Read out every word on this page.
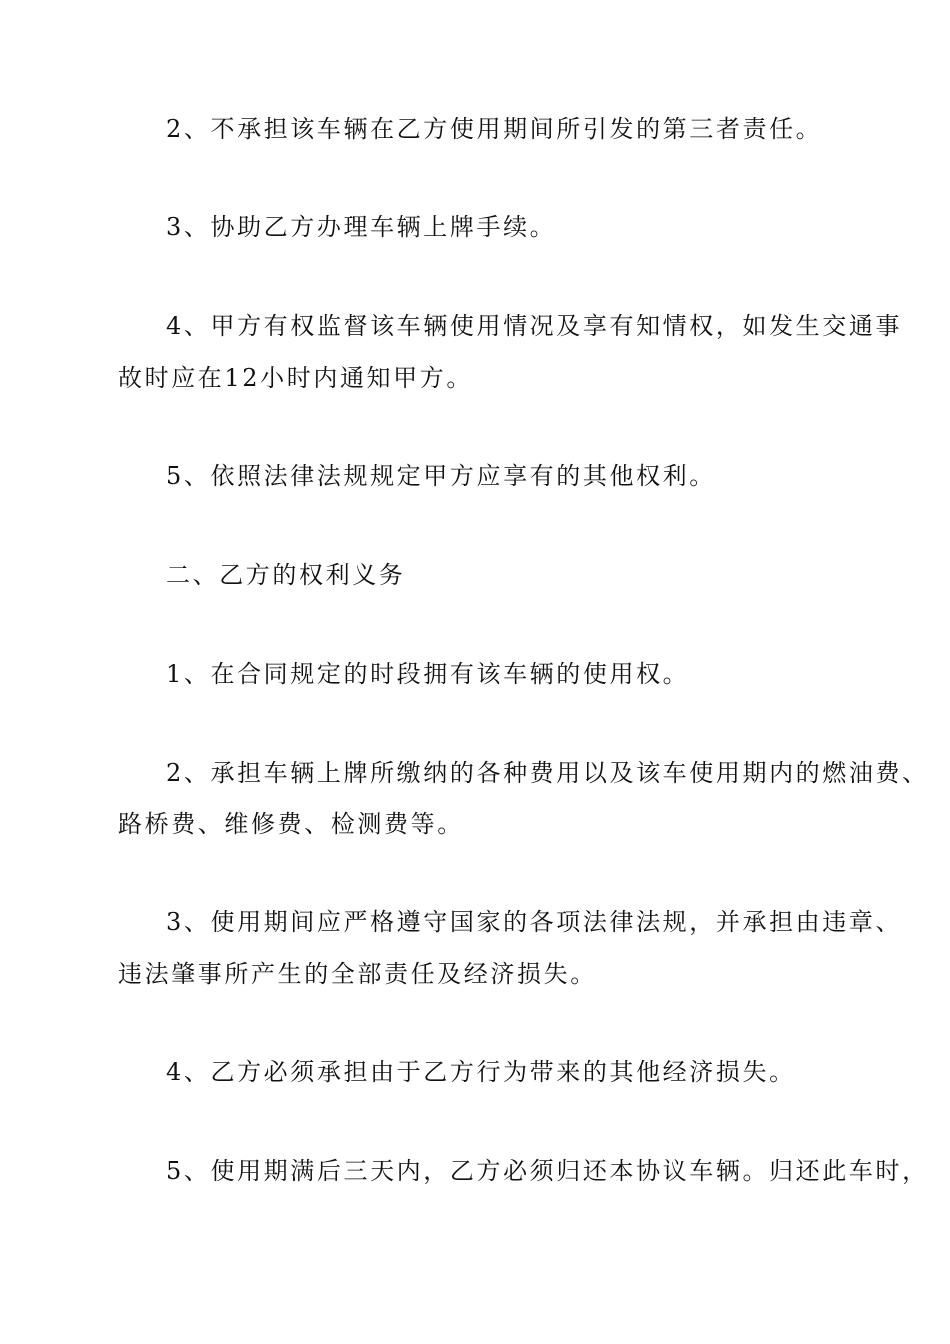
2、不承担该车辆在乙方使用期间所引发的第三者责任。
3、协助乙方办理车辆上牌手续。
4、甲方有权监督该车辆使用情况及享有知情权，如发生交通事
故时应在12小时内通知甲方。
5、依照法律法规规定甲方应享有的其他权利。
二、乙方的权利义务
1、在合同规定的时段拥有该车辆的使用权。
2、承担车辆上牌所缴纳的各种费用以及该车使用期内的燃油费、
路桥费、维修费、检测费等。
3、使用期间应严格遵守国家的各项法律法规，并承担由违章、
违法肇事所产生的全部责任及经济损失。
4、乙方必须承担由于乙方行为带来的其他经济损失。
5、使用期满后三天内，乙方必须归还本协议车辆。归还此车时，
